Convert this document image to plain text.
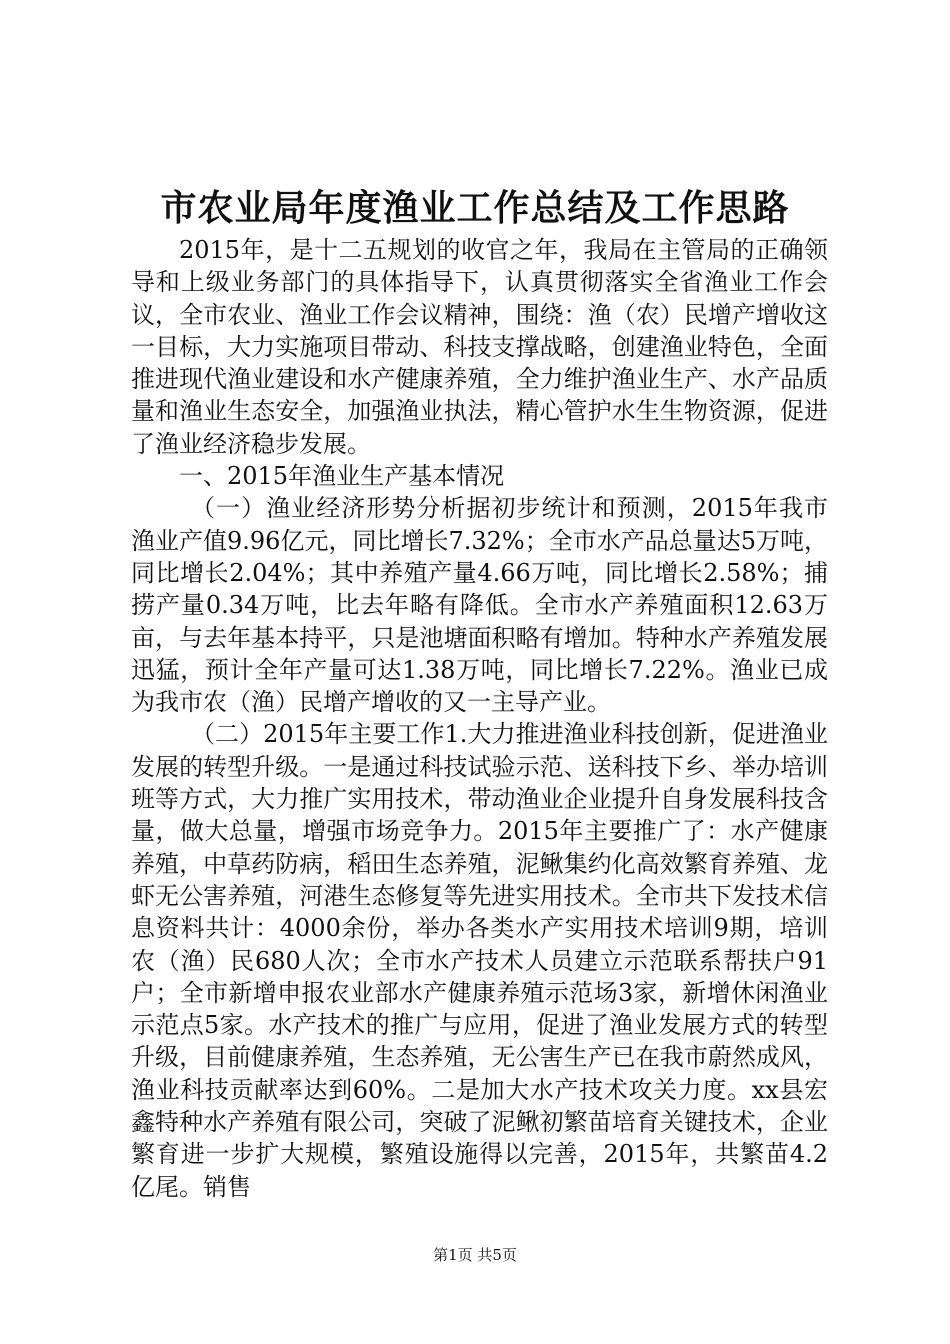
市农业局年度渔业工作总结及工作思路

2015年，是十二五规划的收官之年，我局在主管局的正确领导和上级业务部门的具体指导下，认真贯彻落实全省渔业工作会议，全市农业、渔业工作会议精神，围绕：渔（农）民增产增收这一目标，大力实施项目带动、科技支撑战略，创建渔业特色，全面推进现代渔业建设和水产健康养殖，全力维护渔业生产、水产品质量和渔业生态安全，加强渔业执法，精心管护水生生物资源，促进了渔业经济稳步发展。

一、2015年渔业生产基本情况

（一）渔业经济形势分析据初步统计和预测，2015年我市渔业产值9.96亿元，同比增长7.32%；全市水产品总量达5万吨，同比增长2.04%；其中养殖产量4.66万吨，同比增长2.58%；捕捞产量0.34万吨，比去年略有降低。全市水产养殖面积12.63万亩，与去年基本持平，只是池塘面积略有增加。特种水产养殖发展迅猛，预计全年产量可达1.38万吨，同比增长7.22%。渔业已成为我市农（渔）民增产增收的又一主导产业。

（二）2015年主要工作1.大力推进渔业科技创新，促进渔业发展的转型升级。一是通过科技试验示范、送科技下乡、举办培训班等方式，大力推广实用技术，带动渔业企业提升自身发展科技含量，做大总量，增强市场竞争力。2015年主要推广了：水产健康养殖，中草药防病，稻田生态养殖，泥鳅集约化高效繁育养殖、龙虾无公害养殖，河港生态修复等先进实用技术。全市共下发技术信息资料共计：4000余份，举办各类水产实用技术培训9期，培训农（渔）民680人次；全市水产技术人员建立示范联系帮扶户91户；全市新增申报农业部水产健康养殖示范场3家，新增休闲渔业示范点5家。水产技术的推广与应用，促进了渔业发展方式的转型升级，目前健康养殖，生态养殖，无公害生产已在我市蔚然成风，渔业科技贡献率达到60%。二是加大水产技术攻关力度。xx县宏鑫特种水产养殖有限公司，突破了泥鳅初繁苗培育关键技术，企业繁育进一步扩大规模，繁殖设施得以完善，2015年，共繁苗4.2亿尾。销售

第1页 共5页
